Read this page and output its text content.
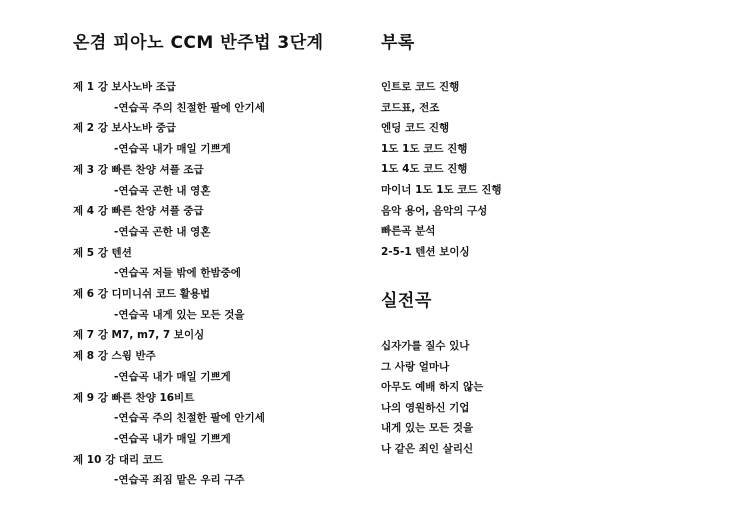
온겸 피아노 CCM 반주법 3단계
제 1 강 보사노바 조급
-연습곡 주의 친절한 팔에 안기세
제 2 강 보사노바 중급
-연습곡 내가 매일 기쁘게
제 3 강 빠른 찬양 셔플 조급
-연습곡 곤한 내 영혼
제 4 강 빠른 찬양 셔플 중급
-연습곡 곤한 내 영혼
제 5 강 텐션
-연습곡 저들 밖에 한밤중에
제 6 강 디미니쉬 코드 활용법
-연습곡 내게 있는 모든 것을
제 7 강 M7, m7, 7 보이싱
제 8 강 스윙 반주
-연습곡 내가 매일 기쁘게
제 9 강 빠른 찬양 16비트
-연습곡 주의 친절한 팔에 안기세
-연습곡 내가 매일 기쁘게
제 10 강 대리 코드
-연습곡 죄짐 맡은 우리 구주
부록
인트로 코드 진행
코드표, 전조
엔딩 코드 진행
1도 1도 코드 진행
1도 4도 코드 진행
마이너 1도 1도 코드 진행
음악 용어, 음악의 구성
빠른곡 분석
2-5-1 텐션 보이싱
실전곡
십자가를 질수 있나
그 사랑 얼마나
아무도 예배 하지 않는
나의 영원하신 기업
내게 있는 모든 것을
나 같은 죄인 살리신
